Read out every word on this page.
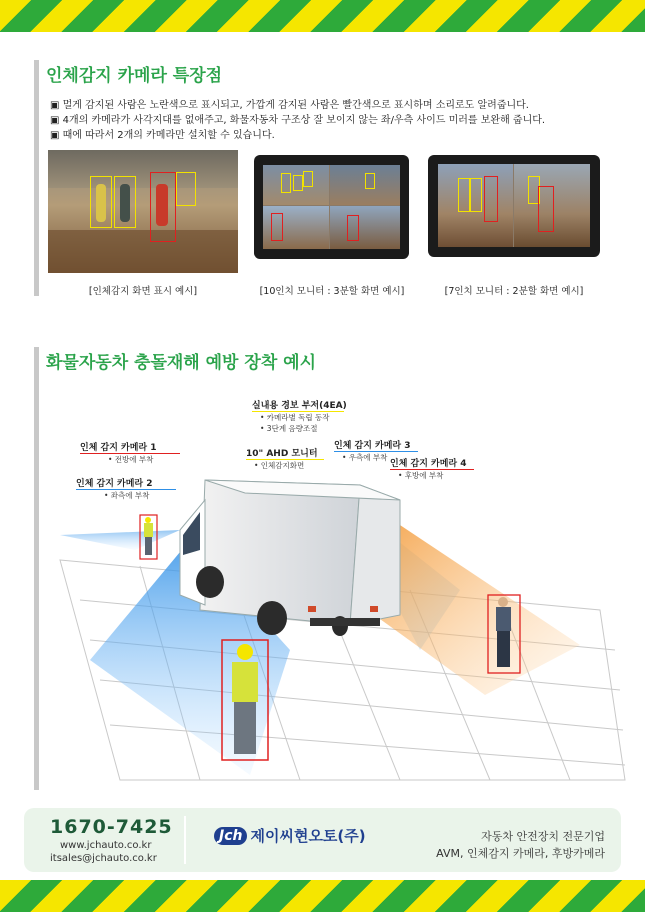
인체감지 카메라 특장점
▣ 멀게 감지된 사람은 노란색으로 표시되고, 가깝게 감지된 사람은 빨간색으로 표시하며 소리로도 알려줍니다.
▣ 4개의 카메라가 사각지대를 없애주고, 화물자동차 구조상 잘 보이지 않는 좌/우측 사이드 미러를 보완해 줍니다.
▣ 때에 따라서 2개의 카메라만 설치할 수 있습니다.
[인체감지 화면 표시 예시]	[10인치 모니터 : 3분할 화면 예시]	[7인치 모니터 : 2분할 화면 예시]
화물자동차 충돌재해 예방 장착 예시
실내용 경보 부저(4EA)
• 카메라별 독립 동작
• 3단계 음량조절
10" AHD 모니터
• 인체감지화면
인체 감지 카메라 1
• 전방에 부착
인체 감지 카메라 2
• 좌측에 부착
인체 감지 카메라 3
• 우측에 부착
인체 감지 카메라 4
• 후방에 부착
1670-7425
www.jchauto.co.kr
itsales@jchauto.co.kr
Jch 제이씨현오토(주)	자동차 안전장치 전문기업
AVM, 인체감지 카메라, 후방카메라
